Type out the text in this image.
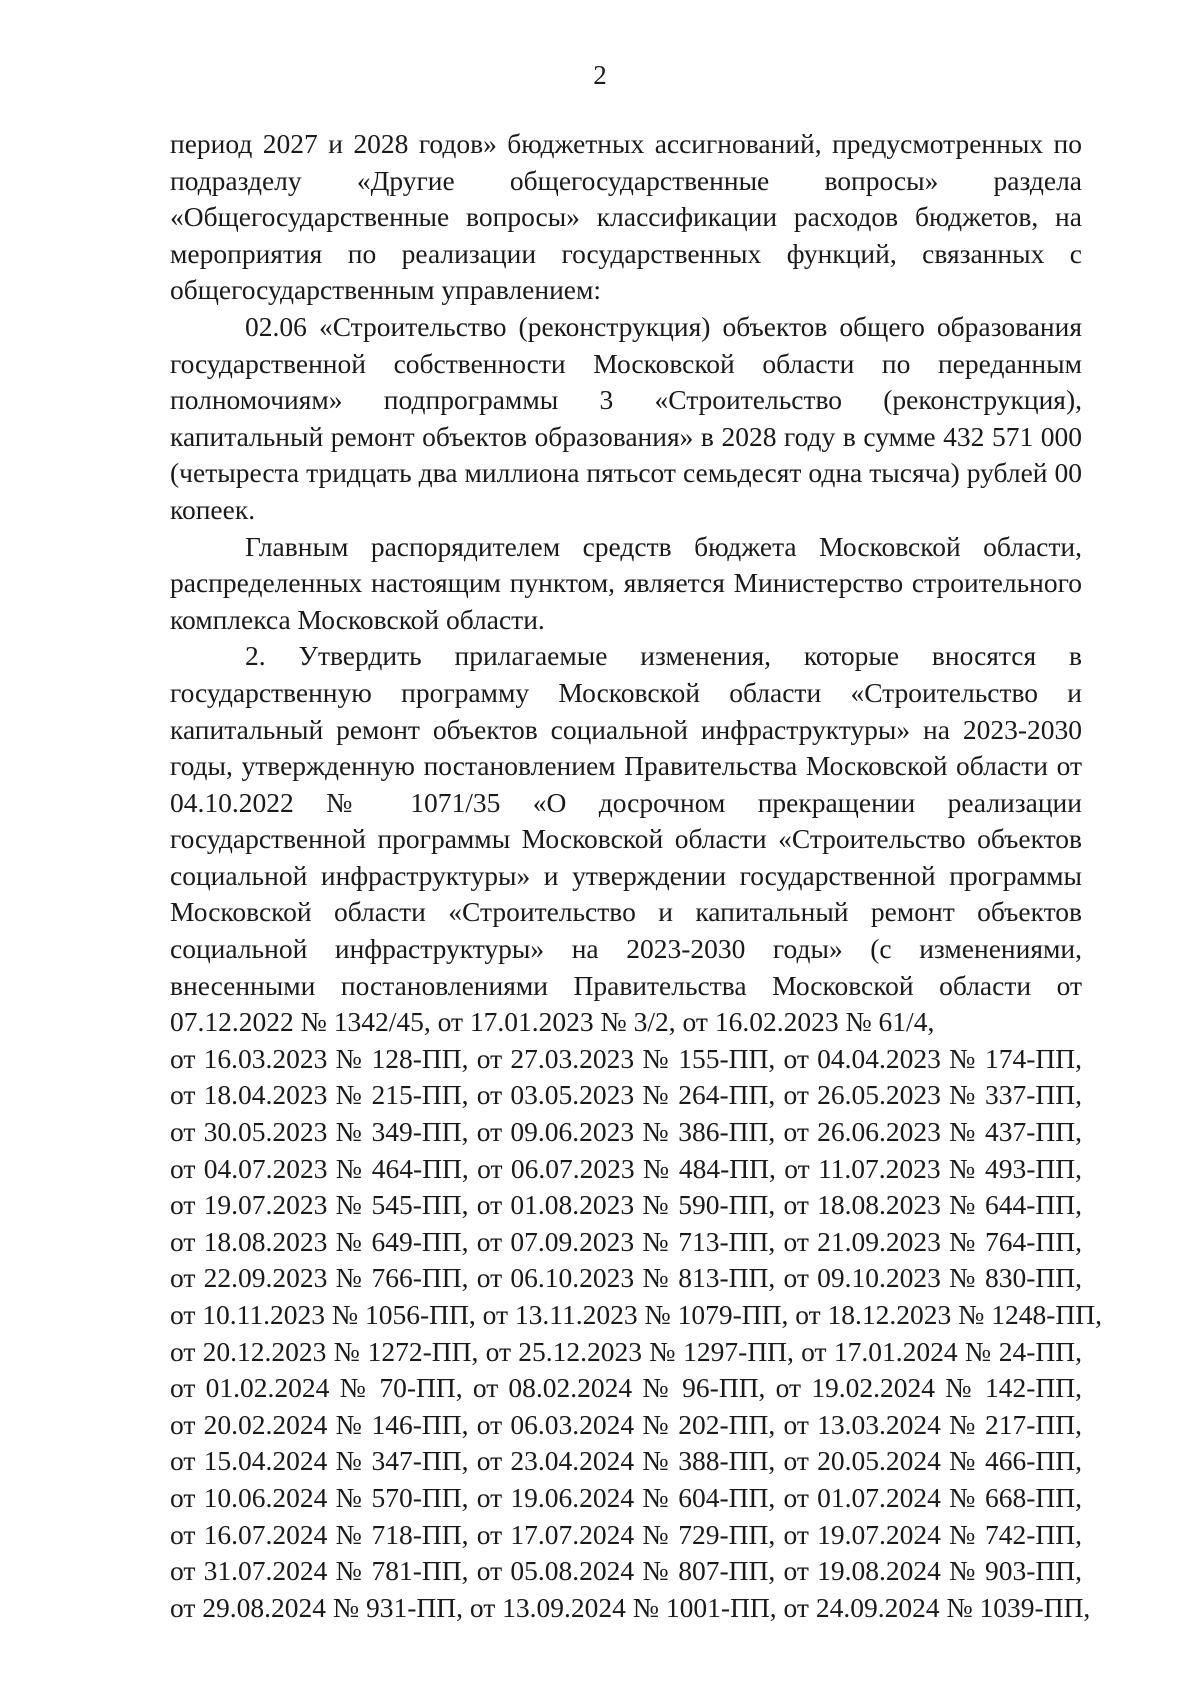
2

период 2027 и 2028 годов» бюджетных ассигнований, предусмотренных по подразделу «Другие общегосударственные вопросы» раздела «Общегосударственные вопросы» классификации расходов бюджетов, на мероприятия по реализации государственных функций, связанных с общегосударственным управлением:

02.06 «Строительство (реконструкция) объектов общего образования государственной собственности Московской области по переданным полномочиям» подпрограммы 3 «Строительство (реконструкция), капитальный ремонт объектов образования» в 2028 году в сумме 432 571 000 (четыреста тридцать два миллиона пятьсот семьдесят одна тысяча) рублей 00 копеек.

Главным распорядителем средств бюджета Московской области, распределенных настоящим пунктом, является Министерство строительного комплекса Московской области.

2. Утвердить прилагаемые изменения, которые вносятся в государственную программу Московской области «Строительство и капитальный ремонт объектов социальной инфраструктуры» на 2023-2030 годы, утвержденную постановлением Правительства Московской области от 04.10.2022 № 1071/35 «О досрочном прекращении реализации государственной программы Московской области «Строительство объектов социальной инфраструктуры» и утверждении государственной программы Московской области «Строительство и капитальный ремонт объектов социальной инфраструктуры» на 2023-2030 годы» (с изменениями, внесенными постановлениями Правительства Московской области от 07.12.2022 № 1342/45, от 17.01.2023 № 3/2, от 16.02.2023 № 61/4,

от 16.03.2023 № 128-ПП, от 27.03.2023 № 155-ПП, от 04.04.2023 № 174-ПП,
от 18.04.2023 № 215-ПП, от 03.05.2023 № 264-ПП, от 26.05.2023 № 337-ПП,
от 30.05.2023 № 349-ПП, от 09.06.2023 № 386-ПП, от 26.06.2023 № 437-ПП,
от 04.07.2023 № 464-ПП, от 06.07.2023 № 484-ПП, от 11.07.2023 № 493-ПП,
от 19.07.2023 № 545-ПП, от 01.08.2023 № 590-ПП, от 18.08.2023 № 644-ПП,
от 18.08.2023 № 649-ПП, от 07.09.2023 № 713-ПП, от 21.09.2023 № 764-ПП,
от 22.09.2023 № 766-ПП, от 06.10.2023 № 813-ПП, от 09.10.2023 № 830-ПП,
от 10.11.2023 № 1056-ПП, от 13.11.2023 № 1079-ПП, от 18.12.2023 № 1248-ПП,
от 20.12.2023 № 1272-ПП, от 25.12.2023 № 1297-ПП, от 17.01.2024 № 24-ПП,
от 01.02.2024 № 70-ПП, от 08.02.2024 № 96-ПП, от 19.02.2024 № 142-ПП,
от 20.02.2024 № 146-ПП, от 06.03.2024 № 202-ПП, от 13.03.2024 № 217-ПП,
от 15.04.2024 № 347-ПП, от 23.04.2024 № 388-ПП, от 20.05.2024 № 466-ПП,
от 10.06.2024 № 570-ПП, от 19.06.2024 № 604-ПП, от 01.07.2024 № 668-ПП,
от 16.07.2024 № 718-ПП, от 17.07.2024 № 729-ПП, от 19.07.2024 № 742-ПП,
от 31.07.2024 № 781-ПП, от 05.08.2024 № 807-ПП, от 19.08.2024 № 903-ПП,
от 29.08.2024 № 931-ПП, от 13.09.2024 № 1001-ПП, от 24.09.2024 № 1039-ПП,
